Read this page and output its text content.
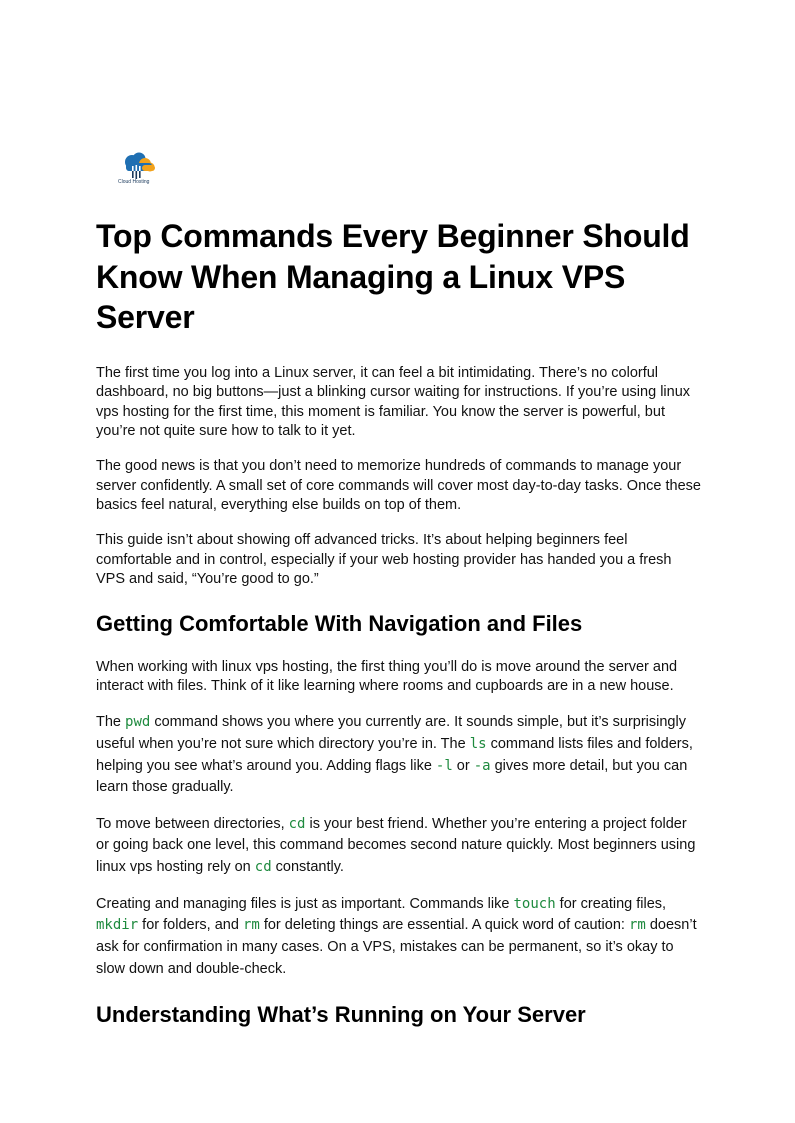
Cloud Hosting
Top Commands Every Beginner Should Know When Managing a Linux VPS Server

The first time you log into a Linux server, it can feel a bit intimidating. There’s no colorful dashboard, no big buttons—just a blinking cursor waiting for instructions. If you’re using linux vps hosting for the first time, this moment is familiar. You know the server is powerful, but you’re not quite sure how to talk to it yet.

The good news is that you don’t need to memorize hundreds of commands to manage your server confidently. A small set of core commands will cover most day-to-day tasks. Once these basics feel natural, everything else builds on top of them.

This guide isn’t about showing off advanced tricks. It’s about helping beginners feel comfortable and in control, especially if your web hosting provider has handed you a fresh VPS and said, “You’re good to go.”

Getting Comfortable With Navigation and Files

When working with linux vps hosting, the first thing you’ll do is move around the server and interact with files. Think of it like learning where rooms and cupboards are in a new house.

The pwd command shows you where you currently are. It sounds simple, but it’s surprisingly useful when you’re not sure which directory you’re in. The ls command lists files and folders, helping you see what’s around you. Adding flags like -l or -a gives more detail, but you can learn those gradually.

To move between directories, cd is your best friend. Whether you’re entering a project folder or going back one level, this command becomes second nature quickly. Most beginners using linux vps hosting rely on cd constantly.

Creating and managing files is just as important. Commands like touch for creating files, mkdir for folders, and rm for deleting things are essential. A quick word of caution: rm doesn’t ask for confirmation in many cases. On a VPS, mistakes can be permanent, so it’s okay to slow down and double-check.

Understanding What’s Running on Your Server
